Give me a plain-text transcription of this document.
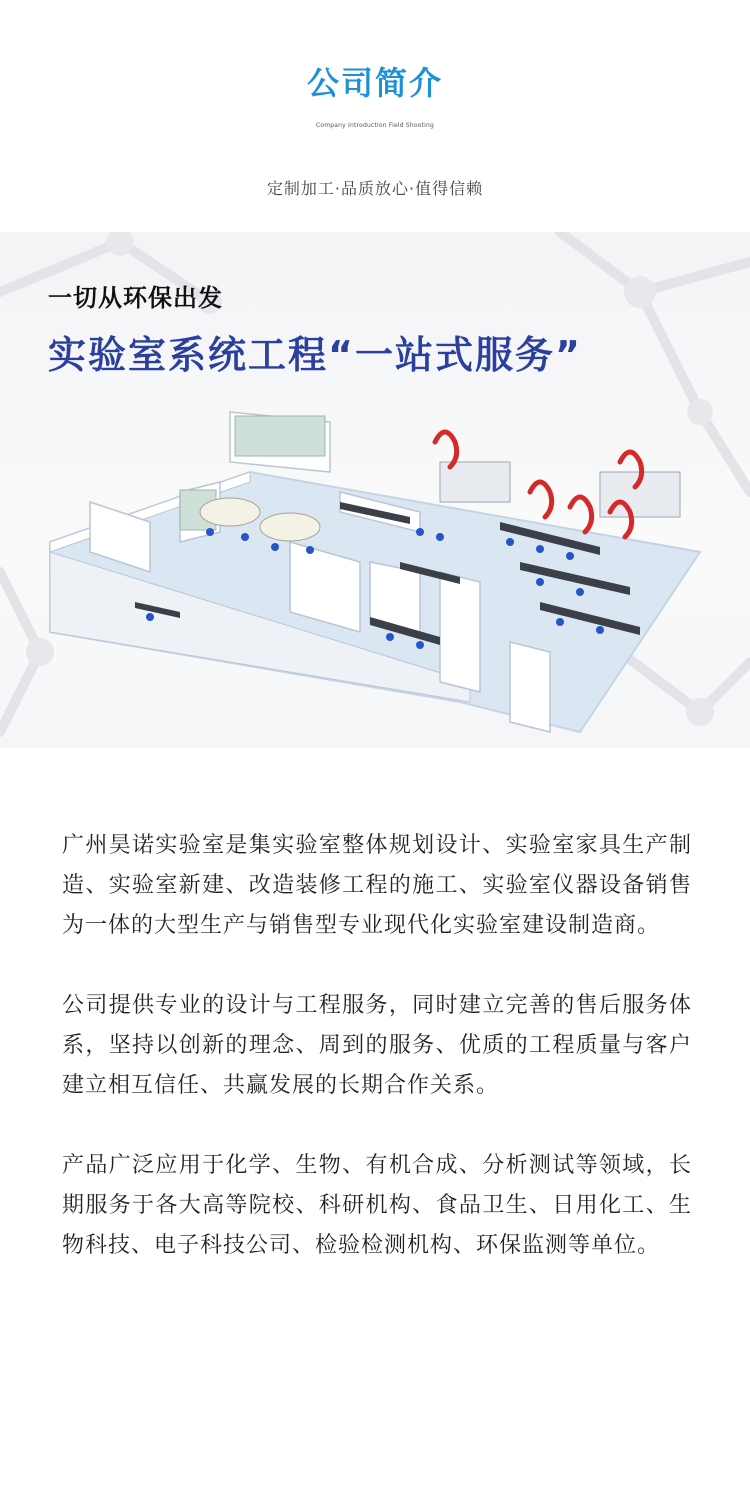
公司简介
Company Introduction Field Shooting
定制加工·品质放心·值得信赖
一切从环保出发
实验室系统工程“一站式服务”

广州昊诺实验室是集实验室整体规划设计、实验室家具生产制造、实验室新建、改造装修工程的施工、实验室仪器设备销售为一体的大型生产与销售型专业现代化实验室建设制造商。

公司提供专业的设计与工程服务，同时建立完善的售后服务体系，坚持以创新的理念、周到的服务、优质的工程质量与客户建立相互信任、共赢发展的长期合作关系。

产品广泛应用于化学、生物、有机合成、分析测试等领域，长期服务于各大高等院校、科研机构、食品卫生、日用化工、生物科技、电子科技公司、检验检测机构、环保监测等单位。
